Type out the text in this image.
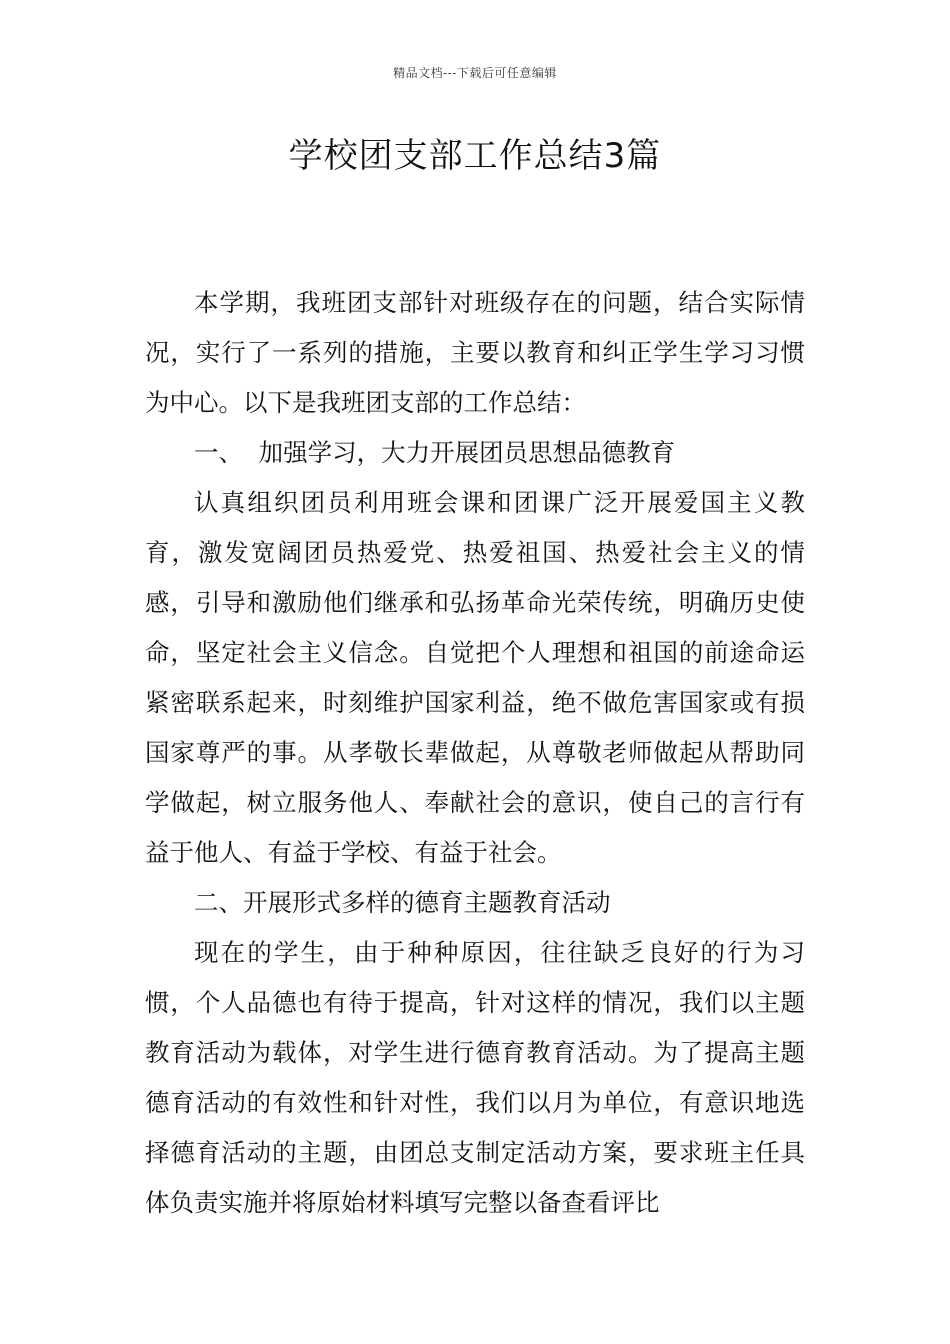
精品文档---下载后可任意编辑
学校团支部工作总结3篇

本学期，我班团支部针对班级存在的问题，结合实际情况，实行了一系列的措施，主要以教育和纠正学生学习习惯为中心。以下是我班团支部的工作总结：

一、  加强学习，大力开展团员思想品德教育

认真组织团员利用班会课和团课广泛开展爱国主义教育，激发宽阔团员热爱党、热爱祖国、热爱社会主义的情感，引导和激励他们继承和弘扬革命光荣传统，明确历史使命，坚定社会主义信念。自觉把个人理想和祖国的前途命运紧密联系起来，时刻维护国家利益，绝不做危害国家或有损国家尊严的事。从孝敬长辈做起，从尊敬老师做起从帮助同学做起，树立服务他人、奉献社会的意识，使自己的言行有益于他人、有益于学校、有益于社会。

二、开展形式多样的德育主题教育活动

现在的学生，由于种种原因，往往缺乏良好的行为习惯，个人品德也有待于提高，针对这样的情况，我们以主题教育活动为载体，对学生进行德育教育活动。为了提高主题德育活动的有效性和针对性，我们以月为单位，有意识地选择德育活动的主题，由团总支制定活动方案，要求班主任具体负责实施并将原始材料填写完整以备查看评比
